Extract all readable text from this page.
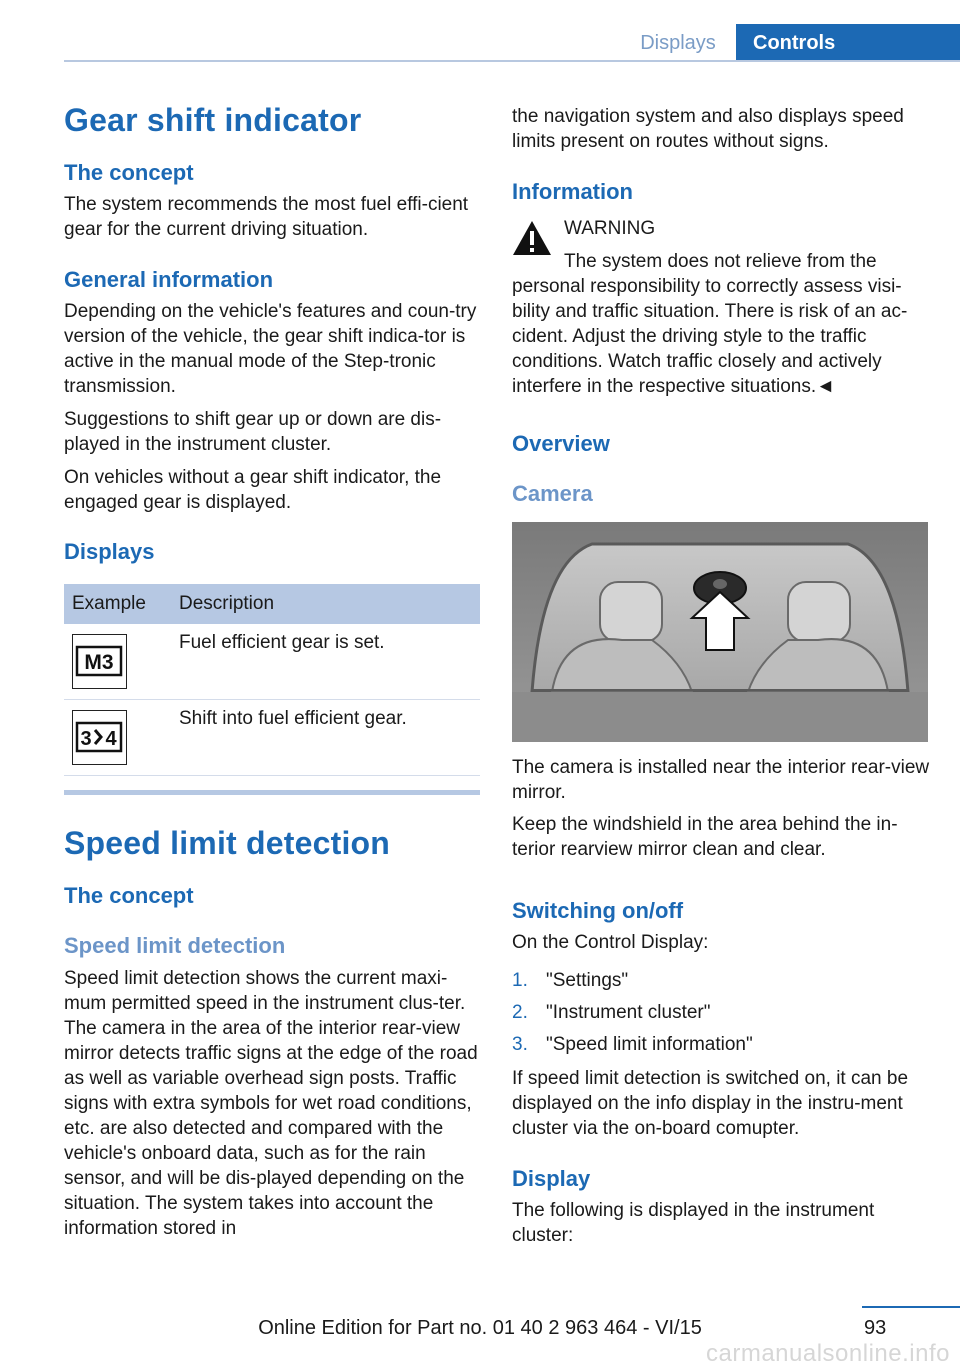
Displays	Controls
Gear shift indicator
The concept
The system recommends the most fuel effi-cient gear for the current driving situation.
General information
Depending on the vehicle's features and coun-try version of the vehicle, the gear shift indica-tor is active in the manual mode of the Step-tronic transmission.
Suggestions to shift gear up or down are dis-played in the instrument cluster.
On vehicles without a gear shift indicator, the engaged gear is displayed.
Displays
Example	Description
M3
Fuel efficient gear is set.
3 4
Shift into fuel efficient gear.
Speed limit detection
The concept
Speed limit detection
Speed limit detection shows the current maxi-mum permitted speed in the instrument clus-ter. The camera in the area of the interior rear-view mirror detects traffic signs at the edge of the road as well as variable overhead sign posts. Traffic signs with extra symbols for wet road conditions, etc. are also detected and compared with the vehicle's onboard data, such as for the rain sensor, and will be dis-played depending on the situation. The system takes into account the information stored in
the navigation system and also displays speed limits present on routes without signs.
Information
WARNING
The system does not relieve from the personal responsibility to correctly assess visi-bility and traffic situation. There is risk of an ac-cident. Adjust the driving style to the traffic conditions. Watch traffic closely and actively interfere in the respective situations.◄
Overview
Camera
The camera is installed near the interior rear-view mirror.
Keep the windshield in the area behind the in-terior rearview mirror clean and clear.
Switching on/off
On the Control Display:
1. "Settings"
2. "Instrument cluster"
3. "Speed limit information"
If speed limit detection is switched on, it can be displayed on the info display in the instru-ment cluster via the on-board comupter.
Display
The following is displayed in the instrument cluster:
93
Online Edition for Part no. 01 40 2 963 464 - VI/15
carmanualsonline.info
